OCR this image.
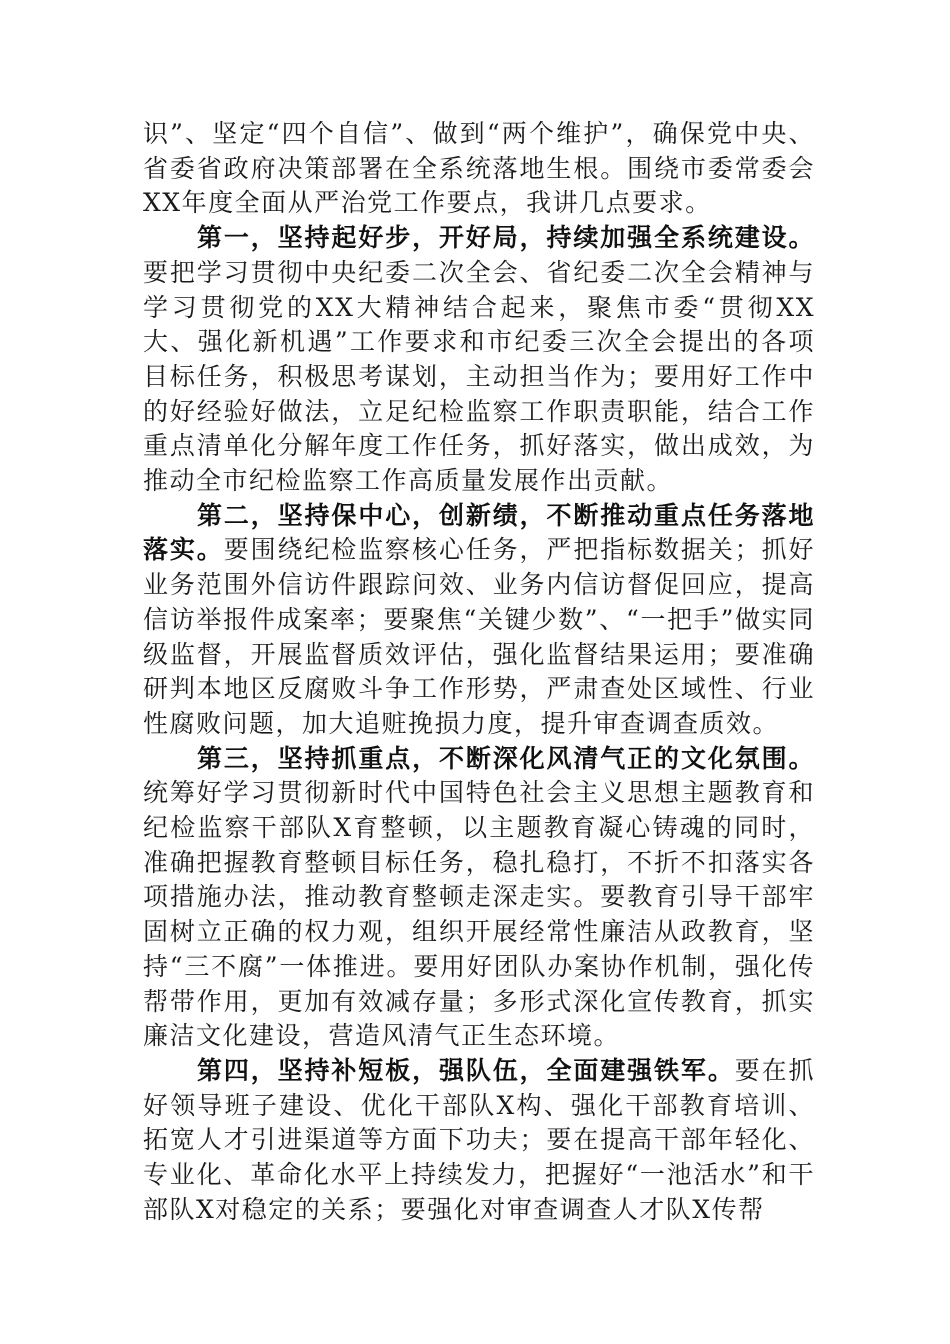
识”、坚定“四个自信”、做到“两个维护”，确保党中央、省委省政府决策部署在全系统落地生根。围绕市委常委会XX年度全面从严治党工作要点，我讲几点要求。

第一，坚持起好步，开好局，持续加强全系统建设。要把学习贯彻中央纪委二次全会、省纪委二次全会精神与学习贯彻党的XX大精神结合起来，聚焦市委“贯彻XX大、强化新机遇”工作要求和市纪委三次全会提出的各项目标任务，积极思考谋划，主动担当作为；要用好工作中的好经验好做法，立足纪检监察工作职责职能，结合工作重点清单化分解年度工作任务，抓好落实，做出成效，为推动全市纪检监察工作高质量发展作出贡献。

第二，坚持保中心，创新绩，不断推动重点任务落地落实。要围绕纪检监察核心任务，严把指标数据关；抓好业务范围外信访件跟踪问效、业务内信访督促回应，提高信访举报件成案率；要聚焦“关键少数”、“一把手”做实同级监督，开展监督质效评估，强化监督结果运用；要准确研判本地区反腐败斗争工作形势，严肃查处区域性、行业性腐败问题，加大追赃挽损力度，提升审查调查质效。

第三，坚持抓重点，不断深化风清气正的文化氛围。统筹好学习贯彻新时代中国特色社会主义思想主题教育和纪检监察干部队X育整顿，以主题教育凝心铸魂的同时，准确把握教育整顿目标任务，稳扎稳打，不折不扣落实各项措施办法，推动教育整顿走深走实。要教育引导干部牢固树立正确的权力观，组织开展经常性廉洁从政教育，坚持“三不腐”一体推进。要用好团队办案协作机制，强化传帮带作用，更加有效减存量；多形式深化宣传教育，抓实廉洁文化建设，营造风清气正生态环境。

第四，坚持补短板，强队伍，全面建强铁军。要在抓好领导班子建设、优化干部队X构、强化干部教育培训、拓宽人才引进渠道等方面下功夫；要在提高干部年轻化、专业化、革命化水平上持续发力，把握好“一池活水”和干部队X对稳定的关系；要强化对审查调查人才队X传帮
